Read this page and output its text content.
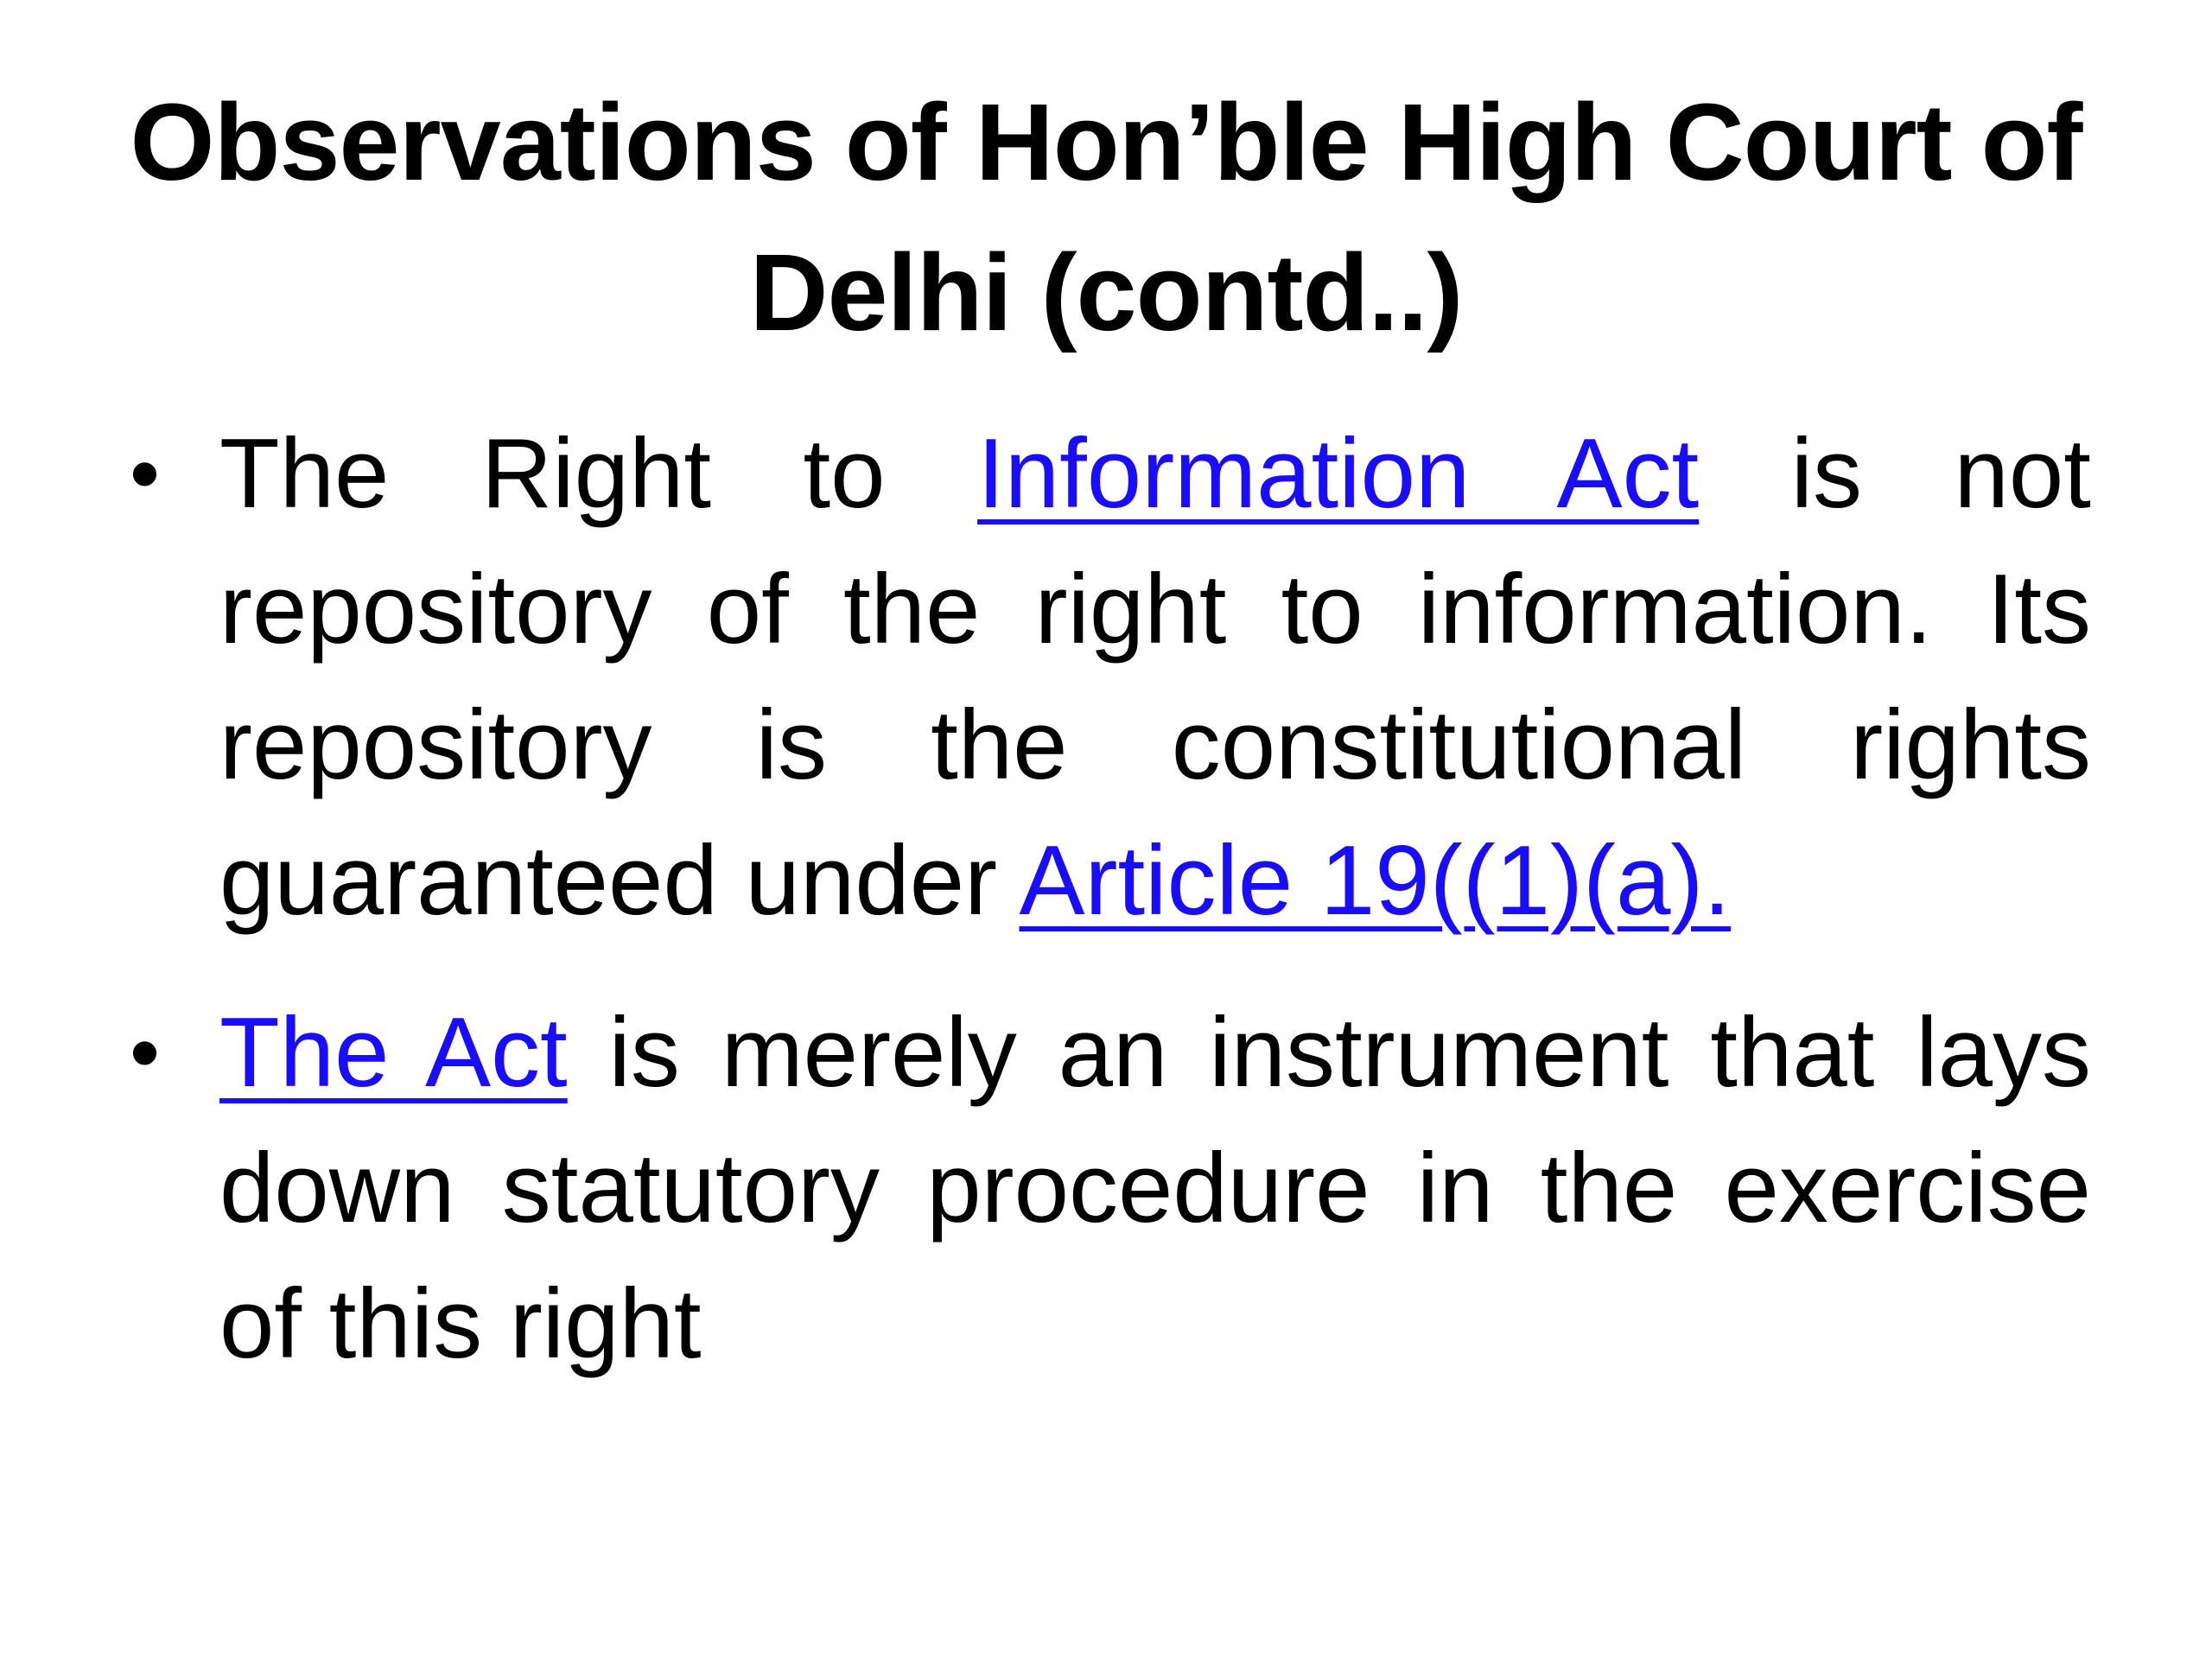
Observations of Hon’ble High Court of Delhi (contd..)
• The Right to Information Act is not repository of the right to information. Its repository is the constitutional rights guaranteed under Article 19((1)(a).
• The Act is merely an instrument that lays down statutory procedure in the exercise of this right
